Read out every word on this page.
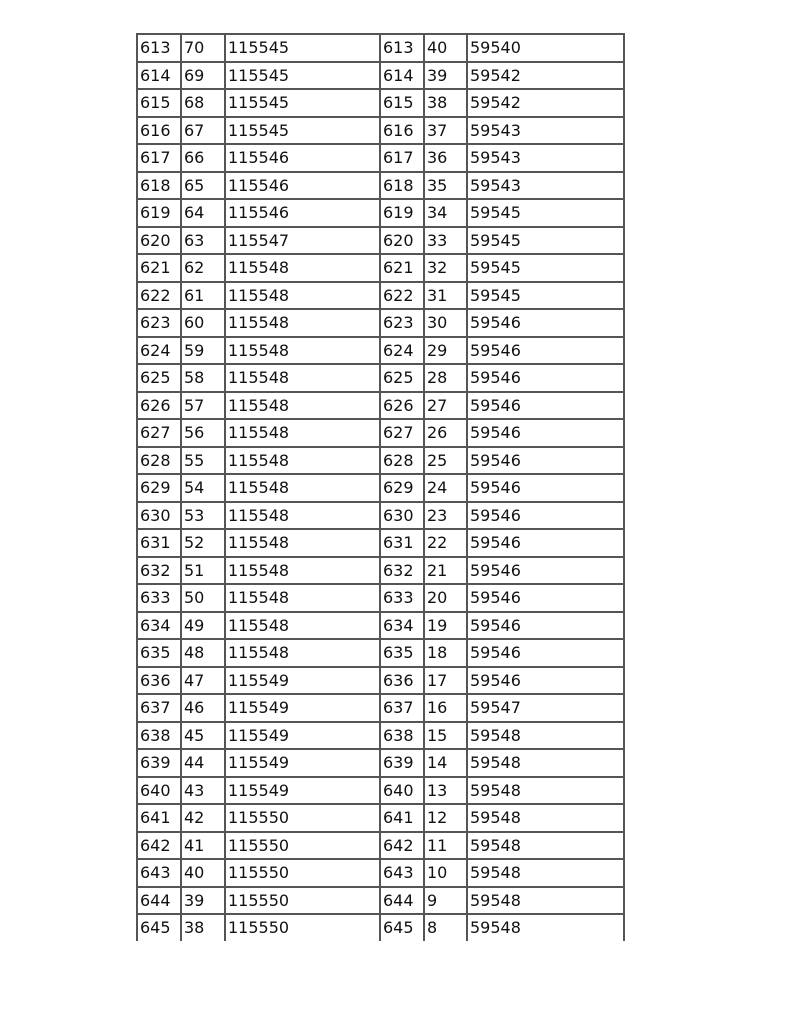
613	70	115545	613	40	59540
614	69	115545	614	39	59542
615	68	115545	615	38	59542
616	67	115545	616	37	59543
617	66	115546	617	36	59543
618	65	115546	618	35	59543
619	64	115546	619	34	59545
620	63	115547	620	33	59545
621	62	115548	621	32	59545
622	61	115548	622	31	59545
623	60	115548	623	30	59546
624	59	115548	624	29	59546
625	58	115548	625	28	59546
626	57	115548	626	27	59546
627	56	115548	627	26	59546
628	55	115548	628	25	59546
629	54	115548	629	24	59546
630	53	115548	630	23	59546
631	52	115548	631	22	59546
632	51	115548	632	21	59546
633	50	115548	633	20	59546
634	49	115548	634	19	59546
635	48	115548	635	18	59546
636	47	115549	636	17	59546
637	46	115549	637	16	59547
638	45	115549	638	15	59548
639	44	115549	639	14	59548
640	43	115549	640	13	59548
641	42	115550	641	12	59548
642	41	115550	642	11	59548
643	40	115550	643	10	59548
644	39	115550	644	9	59548
645	38	115550	645	8	59548
